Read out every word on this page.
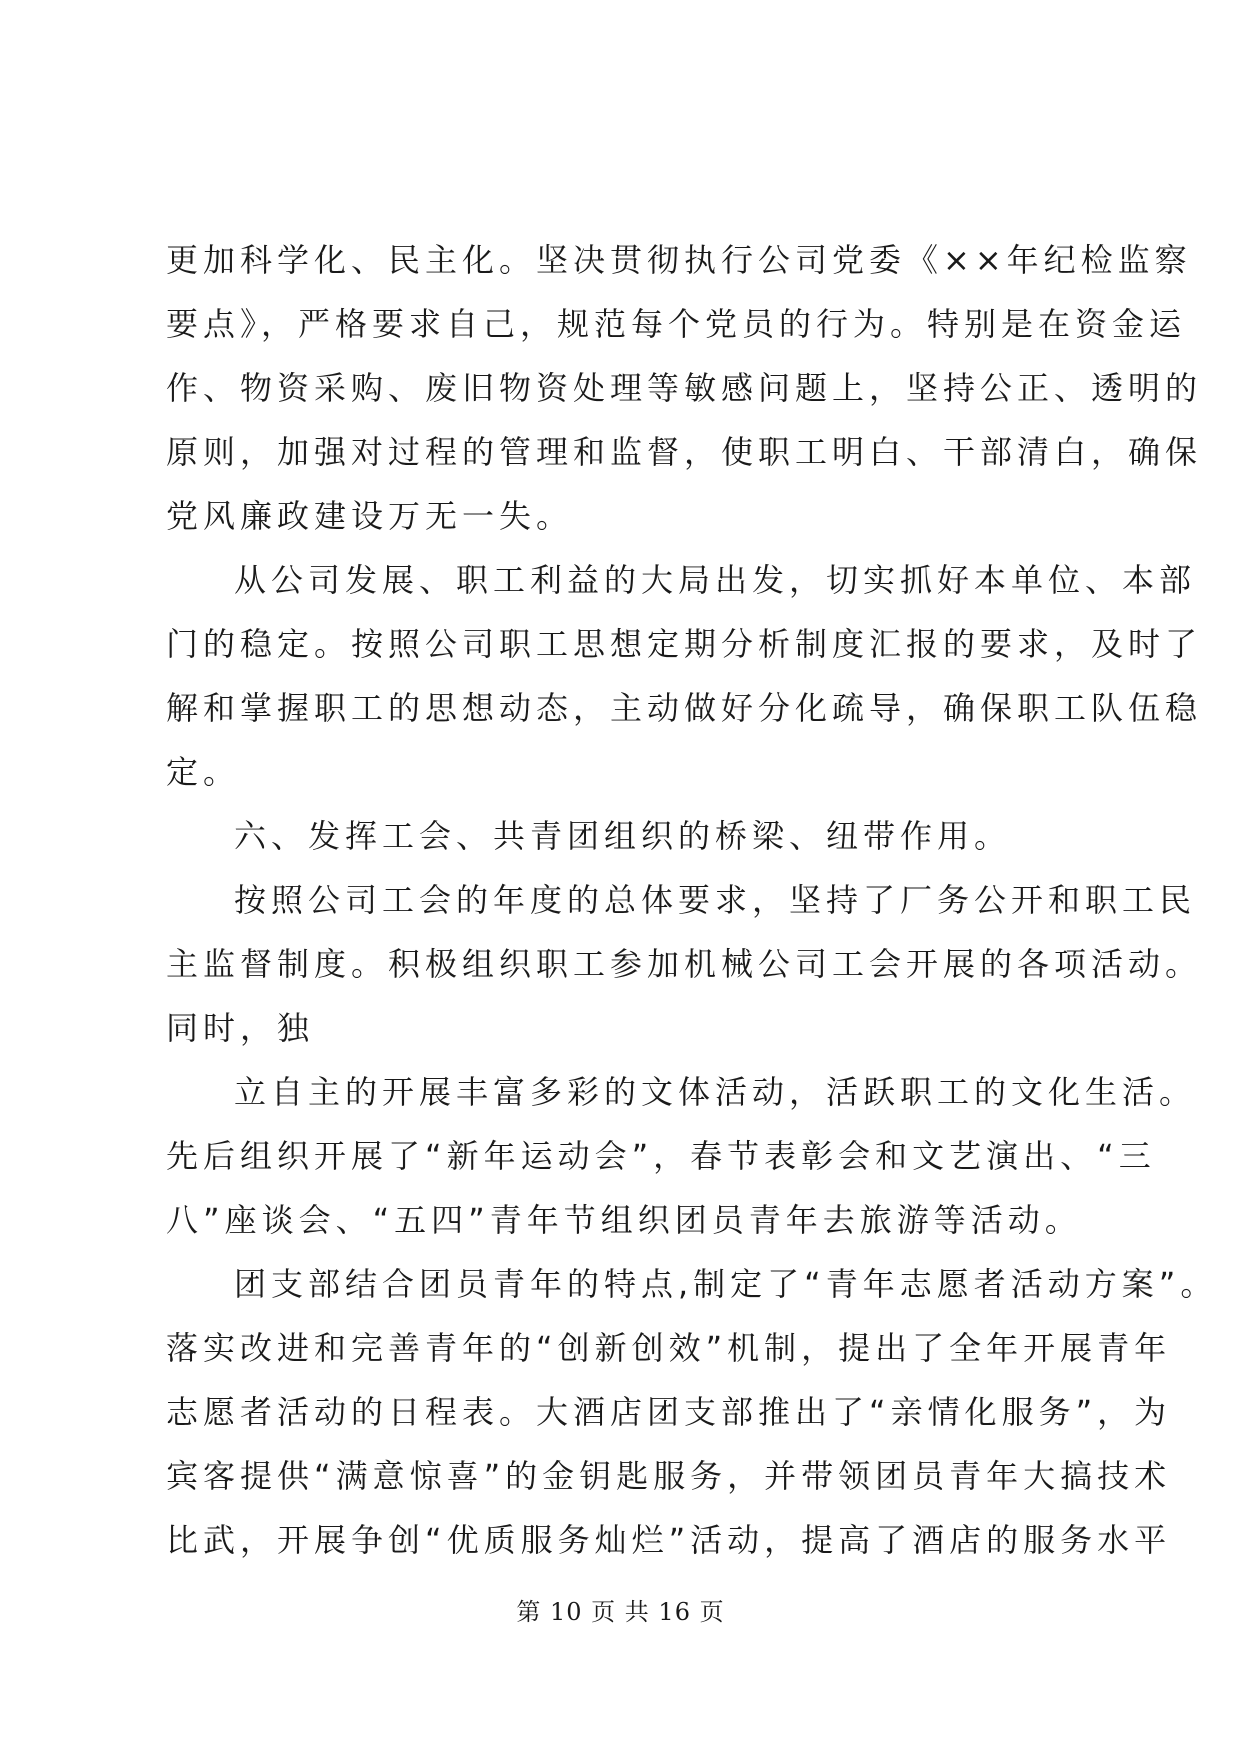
更加科学化、民主化。坚决贯彻执行公司党委《××年纪检监察
要点》，严格要求自己，规范每个党员的行为。特别是在资金运
作、物资采购、废旧物资处理等敏感问题上，坚持公正、透明的
原则，加强对过程的管理和监督，使职工明白、干部清白，确保
党风廉政建设万无一失。
从公司发展、职工利益的大局出发，切实抓好本单位、本部
门的稳定。按照公司职工思想定期分析制度汇报的要求，及时了
解和掌握职工的思想动态，主动做好分化疏导，确保职工队伍稳
定。
六、发挥工会、共青团组织的桥梁、纽带作用。
按照公司工会的年度的总体要求，坚持了厂务公开和职工民
主监督制度。积极组织职工参加机械公司工会开展的各项活动。
同时，独
立自主的开展丰富多彩的文体活动，活跃职工的文化生活。
先后组织开展了“新年运动会”，春节表彰会和文艺演出、“三
八”座谈会、“五四”青年节组织团员青年去旅游等活动。
团支部结合团员青年的特点,制定了“青年志愿者活动方案”。
落实改进和完善青年的“创新创效”机制，提出了全年开展青年
志愿者活动的日程表。大酒店团支部推出了“亲情化服务”，为
宾客提供“满意惊喜”的金钥匙服务，并带领团员青年大搞技术
比武，开展争创“优质服务灿烂”活动，提高了酒店的服务水平
第 10 页 共 16 页
